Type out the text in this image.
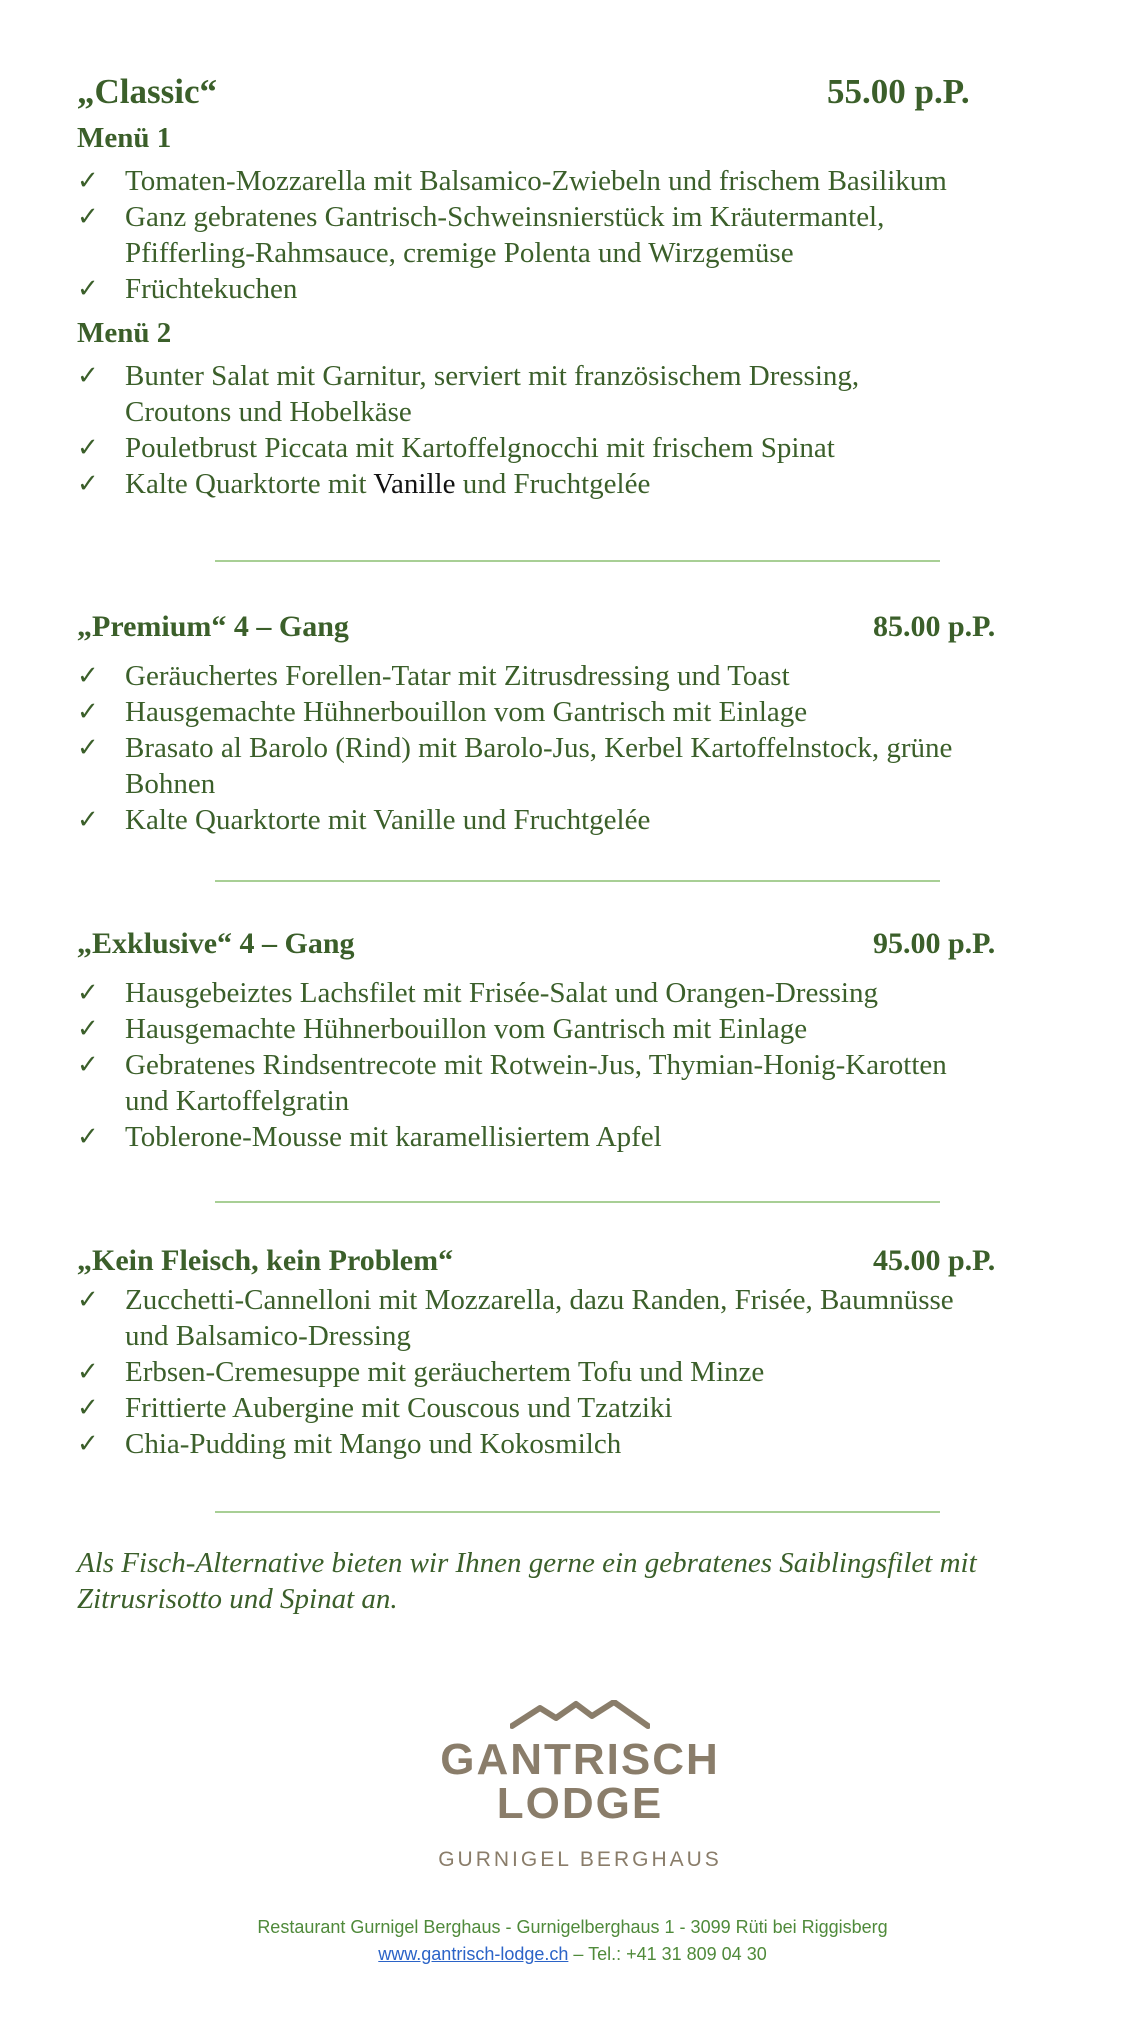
„Classic“	55.00 p.P.
Menü 1
✓ Tomaten-Mozzarella mit Balsamico-Zwiebeln und frischem Basilikum
✓ Ganz gebratenes Gantrisch-Schweinsnierstück im Kräutermantel,
Pfifferling-Rahmsauce, cremige Polenta und Wirzgemüse
✓ Früchtekuchen
Menü 2
✓ Bunter Salat mit Garnitur, serviert mit französischem Dressing,
Croutons und Hobelkäse
✓ Pouletbrust Piccata mit Kartoffelgnocchi mit frischem Spinat
✓ Kalte Quarktorte mit Vanille und Fruchtgelée
„Premium“ 4 – Gang	85.00 p.P.
✓ Geräuchertes Forellen-Tatar mit Zitrusdressing und Toast
✓ Hausgemachte Hühnerbouillon vom Gantrisch mit Einlage
✓ Brasato al Barolo (Rind) mit Barolo-Jus, Kerbel Kartoffelnstock, grüne
Bohnen
✓ Kalte Quarktorte mit Vanille und Fruchtgelée
„Exklusive“ 4 – Gang	95.00 p.P.
✓ Hausgebeiztes Lachsfilet mit Frisée-Salat und Orangen-Dressing
✓ Hausgemachte Hühnerbouillon vom Gantrisch mit Einlage
✓ Gebratenes Rindsentrecote mit Rotwein-Jus, Thymian-Honig-Karotten
und Kartoffelgratin
✓ Toblerone-Mousse mit karamellisiertem Apfel
„Kein Fleisch, kein Problem“	45.00 p.P.
✓ Zucchetti-Cannelloni mit Mozzarella, dazu Randen, Frisée, Baumnüsse
und Balsamico-Dressing
✓ Erbsen-Cremesuppe mit geräuchertem Tofu und Minze
✓ Frittierte Aubergine mit Couscous und Tzatziki
✓ Chia-Pudding mit Mango und Kokosmilch
Als Fisch-Alternative bieten wir Ihnen gerne ein gebratenes Saiblingsfilet mit
Zitrusrisotto und Spinat an.
GANTRISCH
LODGE
GURNIGEL BERGHAUS
Restaurant Gurnigel Berghaus - Gurnigelberghaus 1 - 3099 Rüti bei Riggisberg
www.gantrisch-lodge.ch – Tel.: +41 31 809 04 30
